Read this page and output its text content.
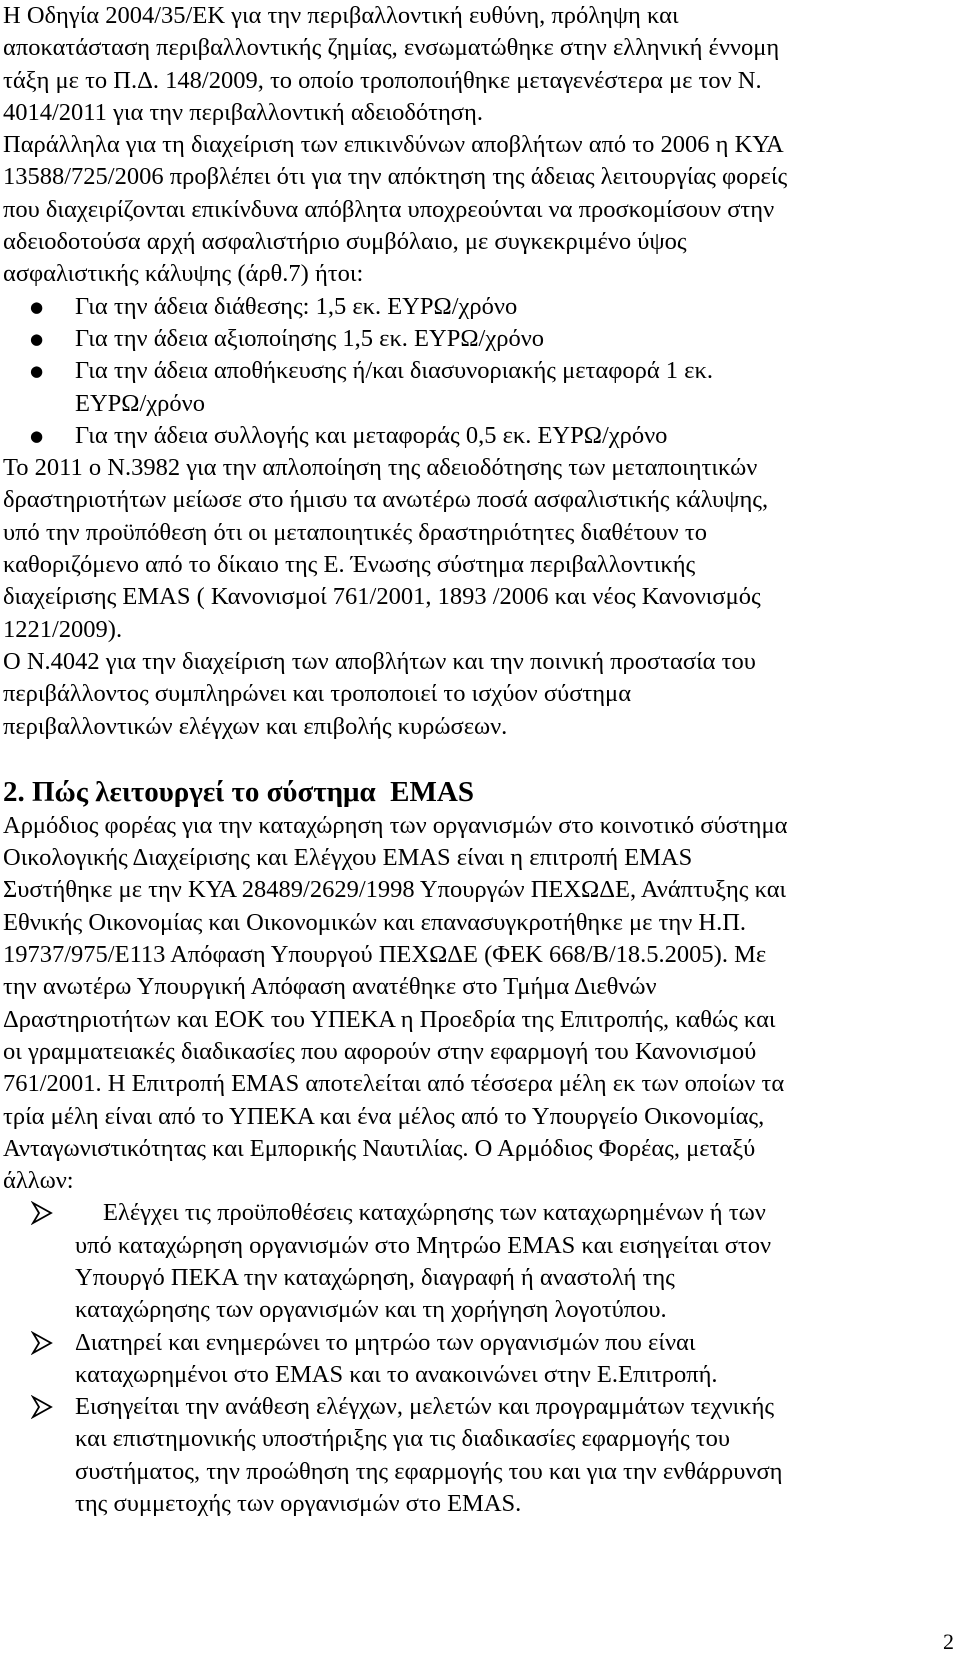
Η Οδηγία 2004/35/ΕΚ για την περιβαλλοντική ευθύνη, πρόληψη και
αποκατάσταση περιβαλλοντικής ζημίας, ενσωματώθηκε στην ελληνική έννομη
τάξη με το Π.Δ. 148/2009, το οποίο τροποποιήθηκε μεταγενέστερα με τον Ν.
4014/2011 για την περιβαλλοντική αδειοδότηση.

Παράλληλα για τη διαχείριση των επικινδύνων αποβλήτων από το 2006 η ΚΥΑ
13588/725/2006 προβλέπει ότι για την απόκτηση της άδειας λειτουργίας φορείς
που διαχειρίζονται επικίνδυνα απόβλητα υποχρεούνται να προσκομίσουν στην
αδειοδοτούσα αρχή ασφαλιστήριο συμβόλαιο, με συγκεκριμένο ύψος
ασφαλιστικής κάλυψης (άρθ.7) ήτοι:

● Για την άδεια διάθεσης: 1,5 εκ. ΕΥΡΩ/χρόνο
● Για την άδεια αξιοποίησης 1,5 εκ. ΕΥΡΩ/χρόνο
● Για την άδεια αποθήκευσης ή/και διασυνοριακής μεταφορά 1 εκ.
ΕΥΡΩ/χρόνο
● Για την άδεια συλλογής και μεταφοράς 0,5 εκ. ΕΥΡΩ/χρόνο

Το 2011 ο Ν.3982 για την απλοποίηση της αδειοδότησης των μεταποιητικών
δραστηριοτήτων μείωσε στο ήμισυ τα ανωτέρω ποσά ασφαλιστικής κάλυψης,
υπό την προϋπόθεση ότι οι μεταποιητικές δραστηριότητες διαθέτουν το
καθοριζόμενο από το δίκαιο της Ε. Ένωσης σύστημα περιβαλλοντικής
διαχείρισης EMAS ( Κανονισμοί 761/2001, 1893 /2006 και νέος Κανονισμός
1221/2009).

Ο Ν.4042 για την διαχείριση των αποβλήτων και την ποινική προστασία του
περιβάλλοντος συμπληρώνει και τροποποιεί το ισχύον σύστημα
περιβαλλοντικών ελέγχων και επιβολής κυρώσεων.

2. Πώς λειτουργεί το σύστημα  EMAS

Αρμόδιος φορέας για την καταχώρηση των οργανισμών στο κοινοτικό σύστημα
Οικολογικής Διαχείρισης και Ελέγχου EMAS είναι η επιτροπή EMAS
Συστήθηκε με την ΚΥΑ 28489/2629/1998 Υπουργών ΠΕΧΩΔΕ, Ανάπτυξης και
Εθνικής Οικονομίας και Οικονομικών και επανασυγκροτήθηκε με την Η.Π.
19737/975/Ε113 Απόφαση Υπουργού ΠΕΧΩΔΕ (ΦΕΚ 668/Β/18.5.2005). Με
την ανωτέρω Υπουργική Απόφαση ανατέθηκε στο Τμήμα Διεθνών
Δραστηριοτήτων και ΕΟΚ του ΥΠΕΚΑ η Προεδρία της Επιτροπής, καθώς και
οι γραμματειακές διαδικασίες που αφορούν στην εφαρμογή του Κανονισμού
761/2001. Η Επιτροπή EMAS αποτελείται από τέσσερα μέλη εκ των οποίων τα
τρία μέλη είναι από το ΥΠΕΚΑ και ένα μέλος από το Υπουργείο Οικονομίας,
Ανταγωνιστικότητας και Εμπορικής Ναυτιλίας. Ο Αρμόδιος Φορέας, μεταξύ
άλλων:

Ελέγχει τις προϋποθέσεις καταχώρησης των καταχωρημένων ή των
υπό καταχώρηση οργανισμών στο Μητρώο EMAS και εισηγείται στον
Υπουργό ΠΕΚΑ την καταχώρηση, διαγραφή ή αναστολή της
καταχώρησης των οργανισμών και τη χορήγηση λογοτύπου.
Διατηρεί και ενημερώνει το μητρώο των οργανισμών που είναι
καταχωρημένοι στο EMAS και το ανακοινώνει στην Ε.Επιτροπή.
Εισηγείται την ανάθεση ελέγχων, μελετών και προγραμμάτων τεχνικής
και επιστημονικής υποστήριξης για τις διαδικασίες εφαρμογής του
συστήματος, την προώθηση της εφαρμογής του και για την ενθάρρυνση
της συμμετοχής των οργανισμών στο EMAS.
2
